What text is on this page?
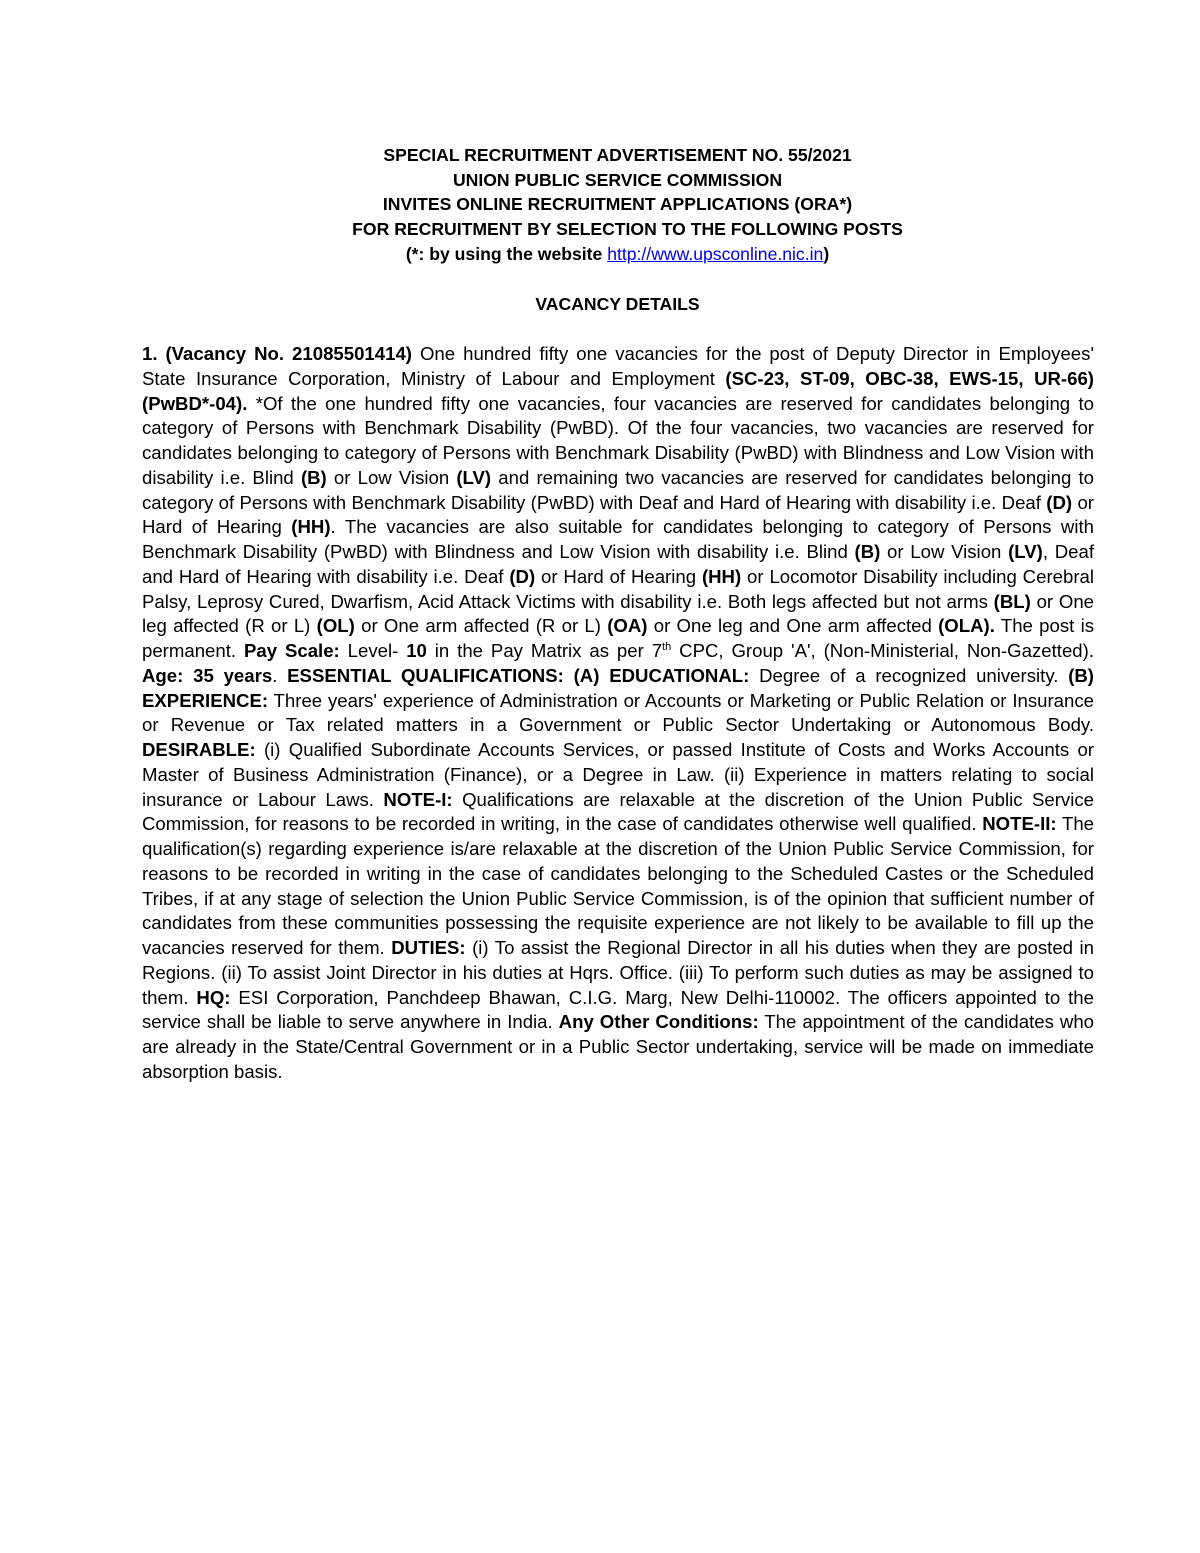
SPECIAL RECRUITMENT ADVERTISEMENT NO. 55/2021
UNION PUBLIC SERVICE COMMISSION
INVITES ONLINE RECRUITMENT APPLICATIONS (ORA*)
FOR RECRUITMENT BY SELECTION TO THE FOLLOWING POSTS
(*: by using the website http://www.upsconline.nic.in)
VACANCY DETAILS
1. (Vacancy No. 21085501414) One hundred fifty one vacancies for the post of Deputy Director in Employees' State Insurance Corporation, Ministry of Labour and Employment (SC-23, ST-09, OBC-38, EWS-15, UR-66) (PwBD*-04). *Of the one hundred fifty one vacancies, four vacancies are reserved for candidates belonging to category of Persons with Benchmark Disability (PwBD). Of the four vacancies, two vacancies are reserved for candidates belonging to category of Persons with Benchmark Disability (PwBD) with Blindness and Low Vision with disability i.e. Blind (B) or Low Vision (LV) and remaining two vacancies are reserved for candidates belonging to category of Persons with Benchmark Disability (PwBD) with Deaf and Hard of Hearing with disability i.e. Deaf (D) or Hard of Hearing (HH). The vacancies are also suitable for candidates belonging to category of Persons with Benchmark Disability (PwBD) with Blindness and Low Vision with disability i.e. Blind (B) or Low Vision (LV), Deaf and Hard of Hearing with disability i.e. Deaf (D) or Hard of Hearing (HH) or Locomotor Disability including Cerebral Palsy, Leprosy Cured, Dwarfism, Acid Attack Victims with disability i.e. Both legs affected but not arms (BL) or One leg affected (R or L) (OL) or One arm affected (R or L) (OA) or One leg and One arm affected (OLA). The post is permanent. Pay Scale: Level- 10 in the Pay Matrix as per 7th CPC, Group 'A', (Non-Ministerial, Non-Gazetted). Age: 35 years. ESSENTIAL QUALIFICATIONS: (A) EDUCATIONAL: Degree of a recognized university. (B) EXPERIENCE: Three years' experience of Administration or Accounts or Marketing or Public Relation or Insurance or Revenue or Tax related matters in a Government or Public Sector Undertaking or Autonomous Body. DESIRABLE: (i) Qualified Subordinate Accounts Services, or passed Institute of Costs and Works Accounts or Master of Business Administration (Finance), or a Degree in Law. (ii) Experience in matters relating to social insurance or Labour Laws. NOTE-I: Qualifications are relaxable at the discretion of the Union Public Service Commission, for reasons to be recorded in writing, in the case of candidates otherwise well qualified. NOTE-II: The qualification(s) regarding experience is/are relaxable at the discretion of the Union Public Service Commission, for reasons to be recorded in writing in the case of candidates belonging to the Scheduled Castes or the Scheduled Tribes, if at any stage of selection the Union Public Service Commission, is of the opinion that sufficient number of candidates from these communities possessing the requisite experience are not likely to be available to fill up the vacancies reserved for them. DUTIES: (i) To assist the Regional Director in all his duties when they are posted in Regions. (ii) To assist Joint Director in his duties at Hqrs. Office. (iii) To perform such duties as may be assigned to them. HQ: ESI Corporation, Panchdeep Bhawan, C.I.G. Marg, New Delhi-110002. The officers appointed to the service shall be liable to serve anywhere in India. Any Other Conditions: The appointment of the candidates who are already in the State/Central Government or in a Public Sector undertaking, service will be made on immediate absorption basis.
